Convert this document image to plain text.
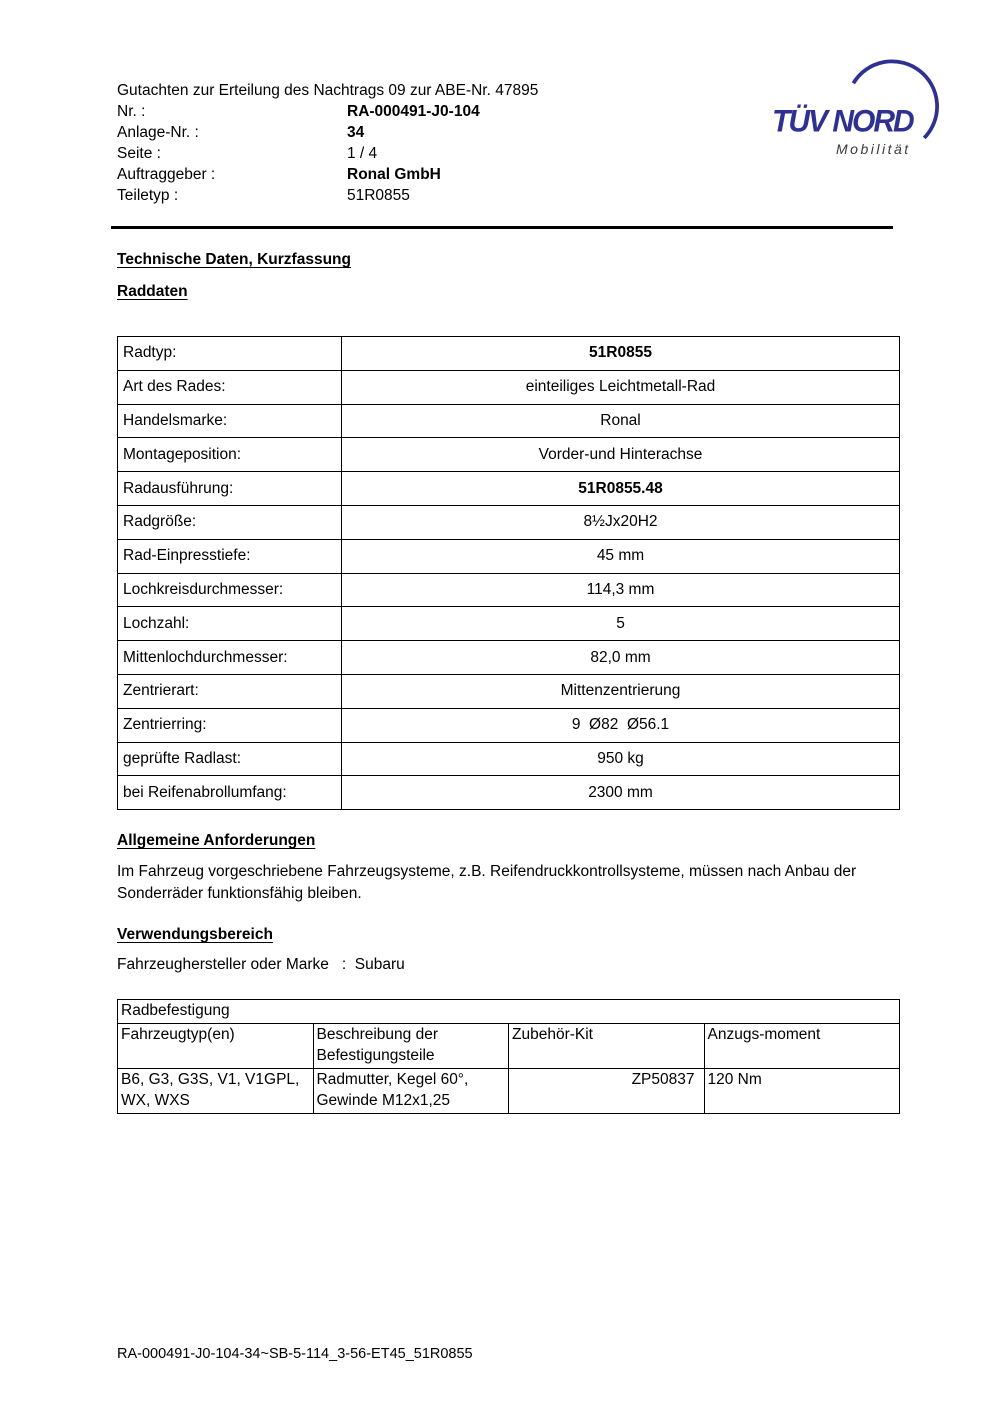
Gutachten zur Erteilung des Nachtrags 09 zur ABE-Nr. 47895
Nr. :	RA-000491-J0-104
Anlage-Nr. :	34
Seite :	1 / 4
Auftraggeber :	Ronal GmbH
Teiletyp :	51R0855
TÜV NORD
Mobilität
Technische Daten, Kurzfassung
Raddaten
Radtyp:	51R0855
Art des Rades:	einteiliges Leichtmetall-Rad
Handelsmarke:	Ronal
Montageposition:	Vorder-und Hinterachse
Radausführung:	51R0855.48
Radgröße:	8½Jx20H2
Rad-Einpresstiefe:	45 mm
Lochkreisdurchmesser:	114,3 mm
Lochzahl:	5
Mittenlochdurchmesser:	82,0 mm
Zentrierart:	Mittenzentrierung
Zentrierring:	9  Ø82  Ø56.1
geprüfte Radlast:	950 kg
bei Reifenabrollumfang:	2300 mm
Allgemeine Anforderungen
Im Fahrzeug vorgeschriebene Fahrzeugsysteme, z.B. Reifendruckkontrollsysteme, müssen nach Anbau der Sonderräder funktionsfähig bleiben.
Verwendungsbereich
Fahrzeughersteller oder Marke   :  Subaru
Radbefestigung			
Fahrzeugtyp(en)	Beschreibung der Befestigungsteile	Zubehör-Kit	Anzugs-moment
B6, G3, G3S, V1, V1GPL, WX, WXS	Radmutter, Kegel 60°, Gewinde M12x1,25	ZP50837	120 Nm
RA-000491-J0-104-34~SB-5-114_3-56-ET45_51R0855
